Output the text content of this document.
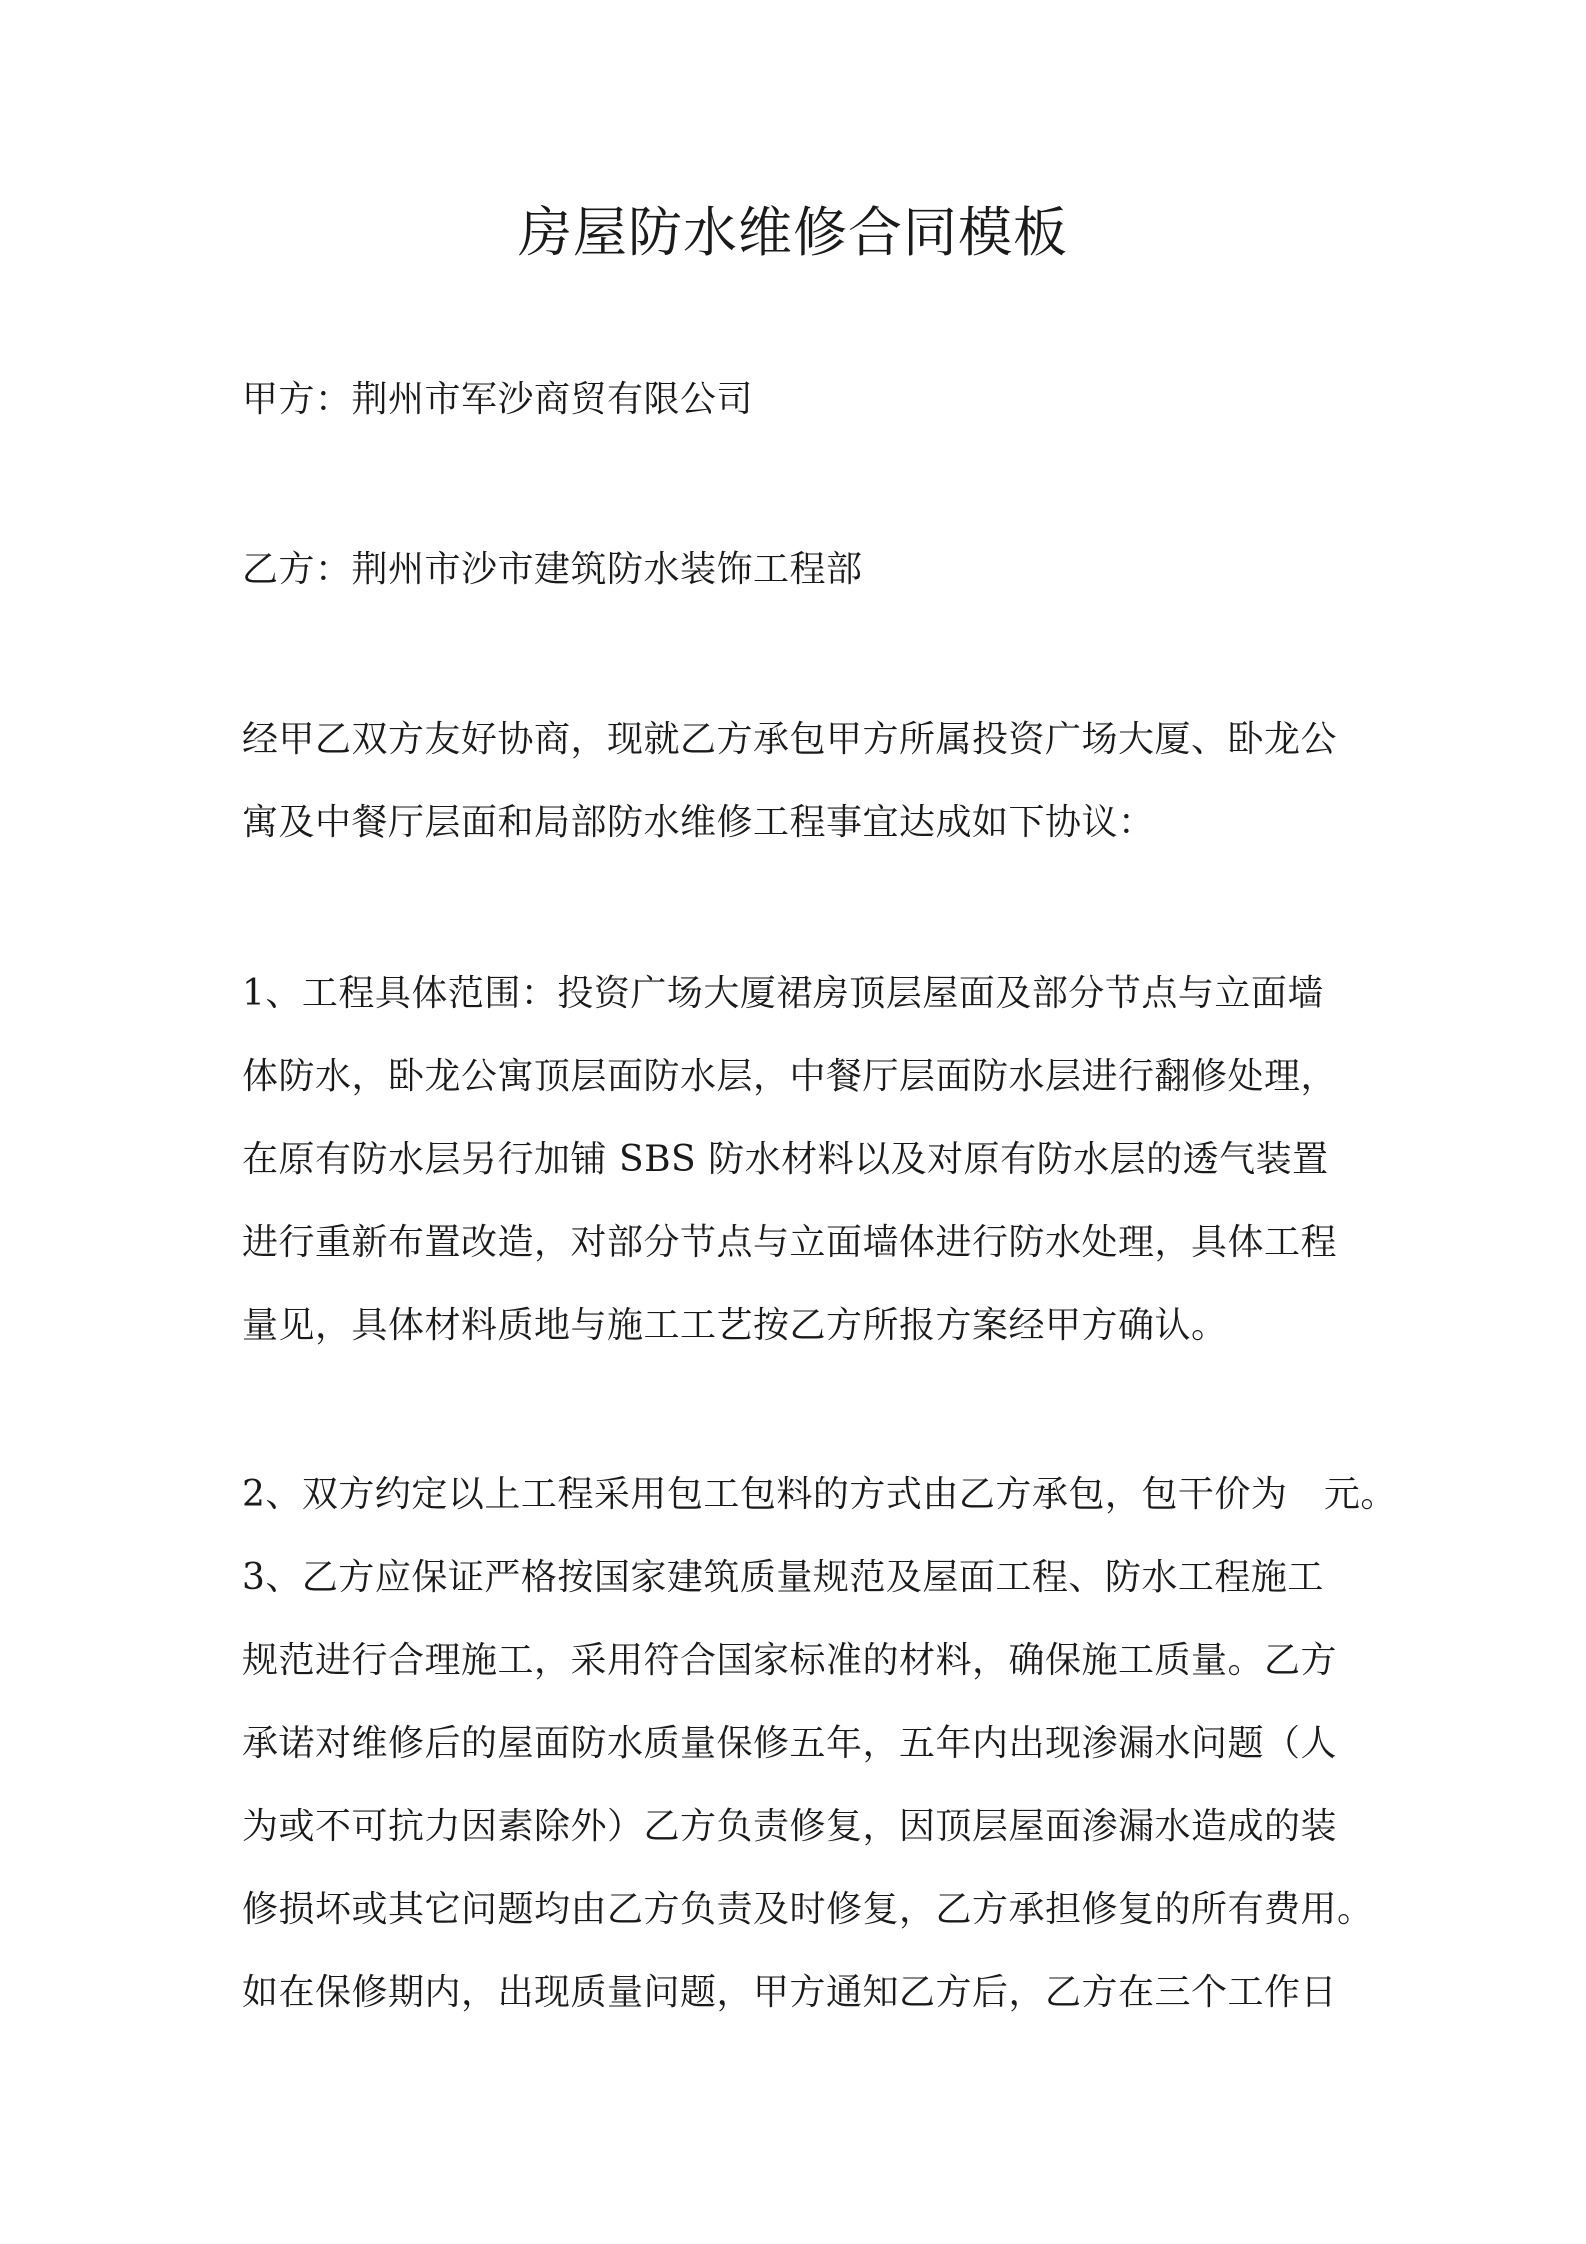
房屋防水维修合同模板

甲方：荆州市军沙商贸有限公司

乙方：荆州市沙市建筑防水装饰工程部

经甲乙双方友好协商，现就乙方承包甲方所属投资广场大厦、卧龙公

寓及中餐厅层面和局部防水维修工程事宜达成如下协议：

1、工程具体范围：投资广场大厦裙房顶层屋面及部分节点与立面墙

体防水，卧龙公寓顶层面防水层，中餐厅层面防水层进行翻修处理，

在原有防水层另行加铺 SBS 防水材料以及对原有防水层的透气装置

进行重新布置改造，对部分节点与立面墙体进行防水处理，具体工程

量见，具体材料质地与施工工艺按乙方所报方案经甲方确认。

2、双方约定以上工程采用包工包料的方式由乙方承包，包干价为　元。

3、乙方应保证严格按国家建筑质量规范及屋面工程、防水工程施工

规范进行合理施工，采用符合国家标准的材料，确保施工质量。乙方

承诺对维修后的屋面防水质量保修五年，五年内出现渗漏水问题（人

为或不可抗力因素除外）乙方负责修复，因顶层屋面渗漏水造成的装

修损坏或其它问题均由乙方负责及时修复，乙方承担修复的所有费用。

如在保修期内，出现质量问题，甲方通知乙方后，乙方在三个工作日
